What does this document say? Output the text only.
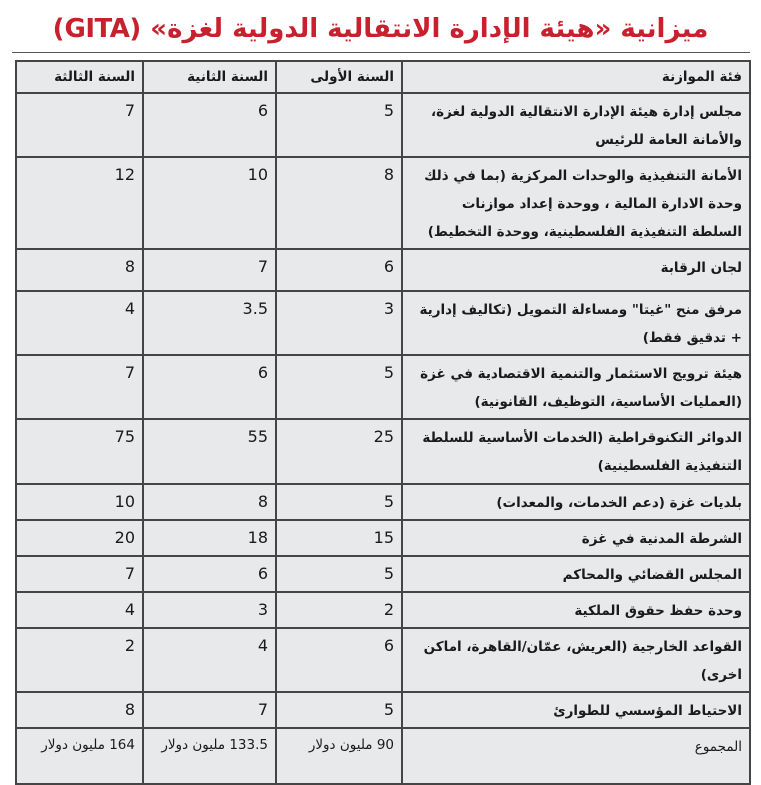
ميزانية «هيئة الإدارة الانتقالية الدولية لغزة» (GITA)
فئة الموازنة	السنة الأولى	السنة الثانية	السنة الثالثة
مجلس إدارة هيئة الإدارة الانتقالية الدولية لغزة، والأمانة العامة للرئيس	5	6	7

الأمانة التنفيذية والوحدات المركزية (بما في ذلك وحدة الادارة المالية ، ووحدة إعداد موازنات السلطة التنفيذية الفلسطينية، ووحدة التخطيط)	8	10	12

لجان الرقابة	6	7	8

مرفق منح "غيتا" ومساءلة التمويل (تكاليف إدارية + تدقيق فقط)	3	3.5	4

هيئة ترويج الاستثمار والتنمية الاقتصادية في غزة (العمليات الأساسية، التوظيف، القانونية)	5	6	7

الدوائر التكنوقراطية (الخدمات الأساسية للسلطة التنفيذية الفلسطينية)	25	55	75

بلديات غزة (دعم الخدمات، والمعدات)	5	8	10

الشرطة المدنية في غزة	15	18	20

المجلس القضائي والمحاكم	5	6	7

وحدة حفظ حقوق الملكية	2	3	4

القواعد الخارجية (العريش، عمّان/القاهرة، اماكن اخرى)	6	4	2

الاحتياط المؤسسي للطوارئ	5	7	8

المجموع	90 مليون دولار	133.5 مليون دولار	164 مليون دولار
